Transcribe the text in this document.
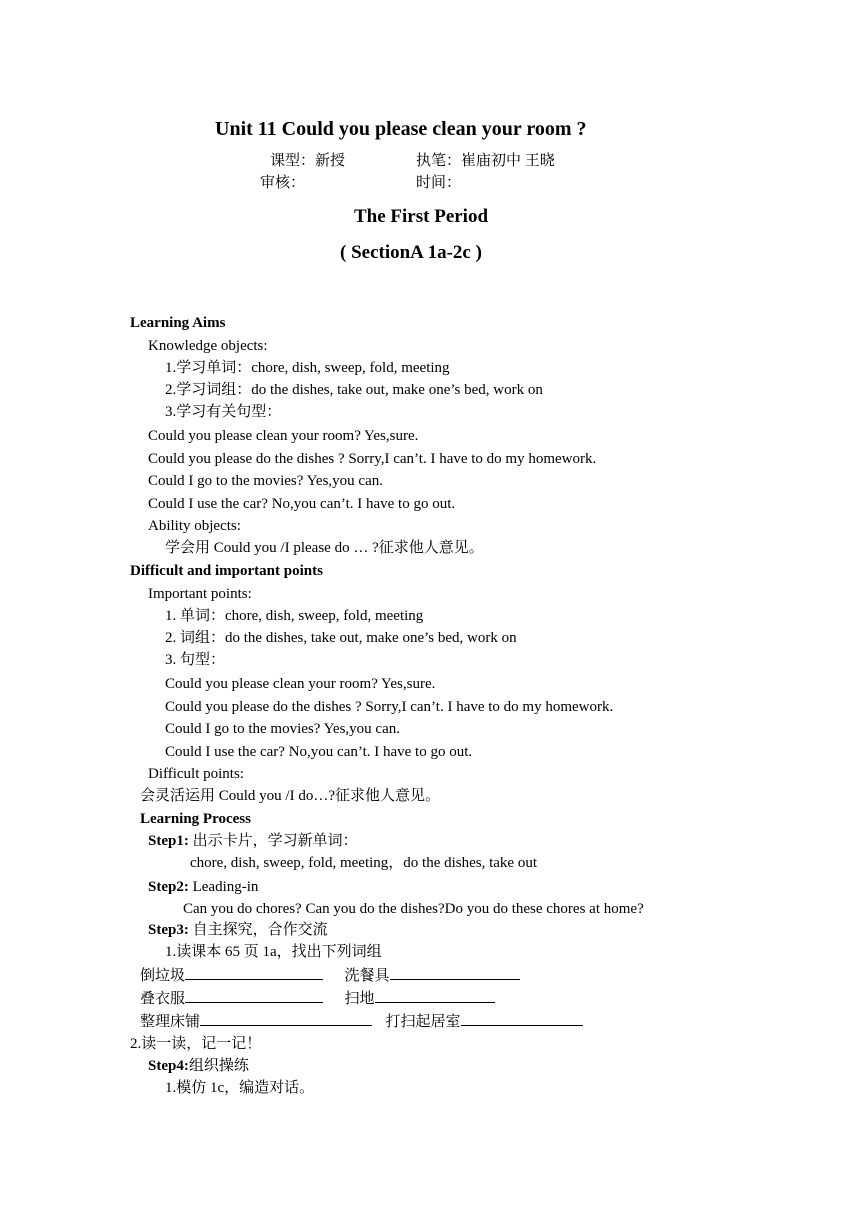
Unit 11 Could you please clean your room ?
课型：新授	执笔：崔庙初中 王晓
审核：	时间：
The First Period
( SectionA 1a-2c )
Learning Aims
Knowledge objects:
1.学习单词：chore, dish, sweep, fold, meeting
2.学习词组：do the dishes, take out, make one’s bed, work on
3.学习有关句型：
Could you please clean your room? Yes,sure.
Could you please do the dishes ? Sorry,I can’t. I have to do my homework.
Could I go to the movies? Yes,you can.
Could I use the car? No,you can’t. I have to go out.
Ability objects:
学会用 Could you /I please do … ?征求他人意见。
Difficult and important points
Important points:
1. 单词：chore, dish, sweep, fold, meeting
2. 词组：do the dishes, take out, make one’s bed, work on
3. 句型：
Could you please clean your room? Yes,sure.
Could you please do the dishes ? Sorry,I can’t. I have to do my homework.
Could I go to the movies? Yes,you can.
Could I use the car? No,you can’t. I have to go out.
Difficult points:
会灵活运用 Could you /I do…?征求他人意见。
Learning Process
Step1: 出示卡片，学习新单词：
chore, dish, sweep, fold, meeting，do the dishes, take out
Step2: Leading-in
Can you do chores? Can you do the dishes?Do you do these chores at home?
Step3: 自主探究，合作交流
1.读课本 65 页 1a，找出下列词组
倒垃圾	洗餐具
叠衣服	扫地
整理床铺	打扫起居室
2.读一读，记一记！
Step4:组织操练
1.模仿 1c，编造对话。
